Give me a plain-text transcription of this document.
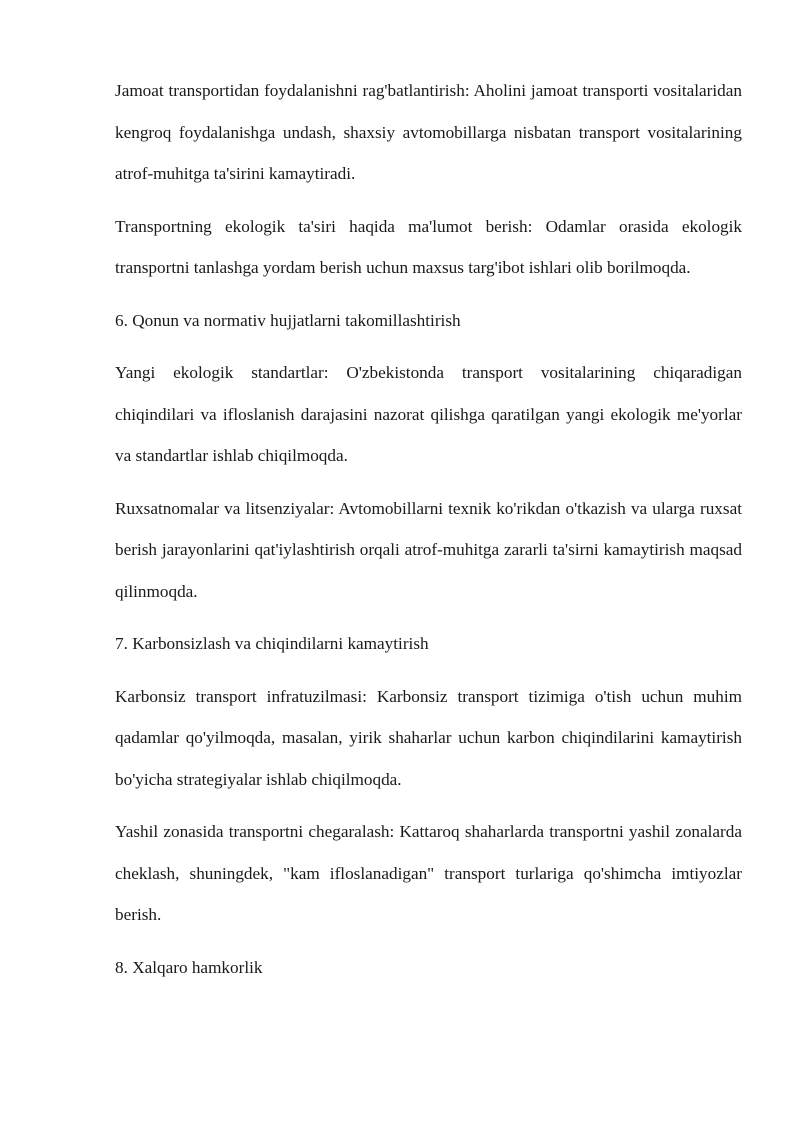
Jamoat transportidan foydalanishni rag'batlantirish: Aholini jamoat transporti vositalaridan kengroq foydalanishga undash, shaxsiy avtomobillarga nisbatan transport vositalarining atrof-muhitga ta'sirini kamaytiradi.

Transportning ekologik ta'siri haqida ma'lumot berish: Odamlar orasida ekologik transportni tanlashga yordam berish uchun maxsus targ'ibot ishlari olib borilmoqda.

6. Qonun va normativ hujjatlarni takomillashtirish

Yangi ekologik standartlar: O'zbekistonda transport vositalarining chiqaradigan chiqindilari va ifloslanish darajasini nazorat qilishga qaratilgan yangi ekologik me'yorlar va standartlar ishlab chiqilmoqda.

Ruxsatnomalar va litsenziyalar: Avtomobillarni texnik ko'rikdan o'tkazish va ularga ruxsat berish jarayonlarini qat'iylashtirish orqali atrof-muhitga zararli ta'sirni kamaytirish maqsad qilinmoqda.

7. Karbonsizlash va chiqindilarni kamaytirish

Karbonsiz transport infratuzilmasi: Karbonsiz transport tizimiga o'tish uchun muhim qadamlar qo'yilmoqda, masalan, yirik shaharlar uchun karbon chiqindilarini kamaytirish bo'yicha strategiyalar ishlab chiqilmoqda.

Yashil zonasida transportni chegaralash: Kattaroq shaharlarda transportni yashil zonalarda cheklash, shuningdek, "kam ifloslanadigan" transport turlariga qo'shimcha imtiyozlar berish.

8. Xalqaro hamkorlik
